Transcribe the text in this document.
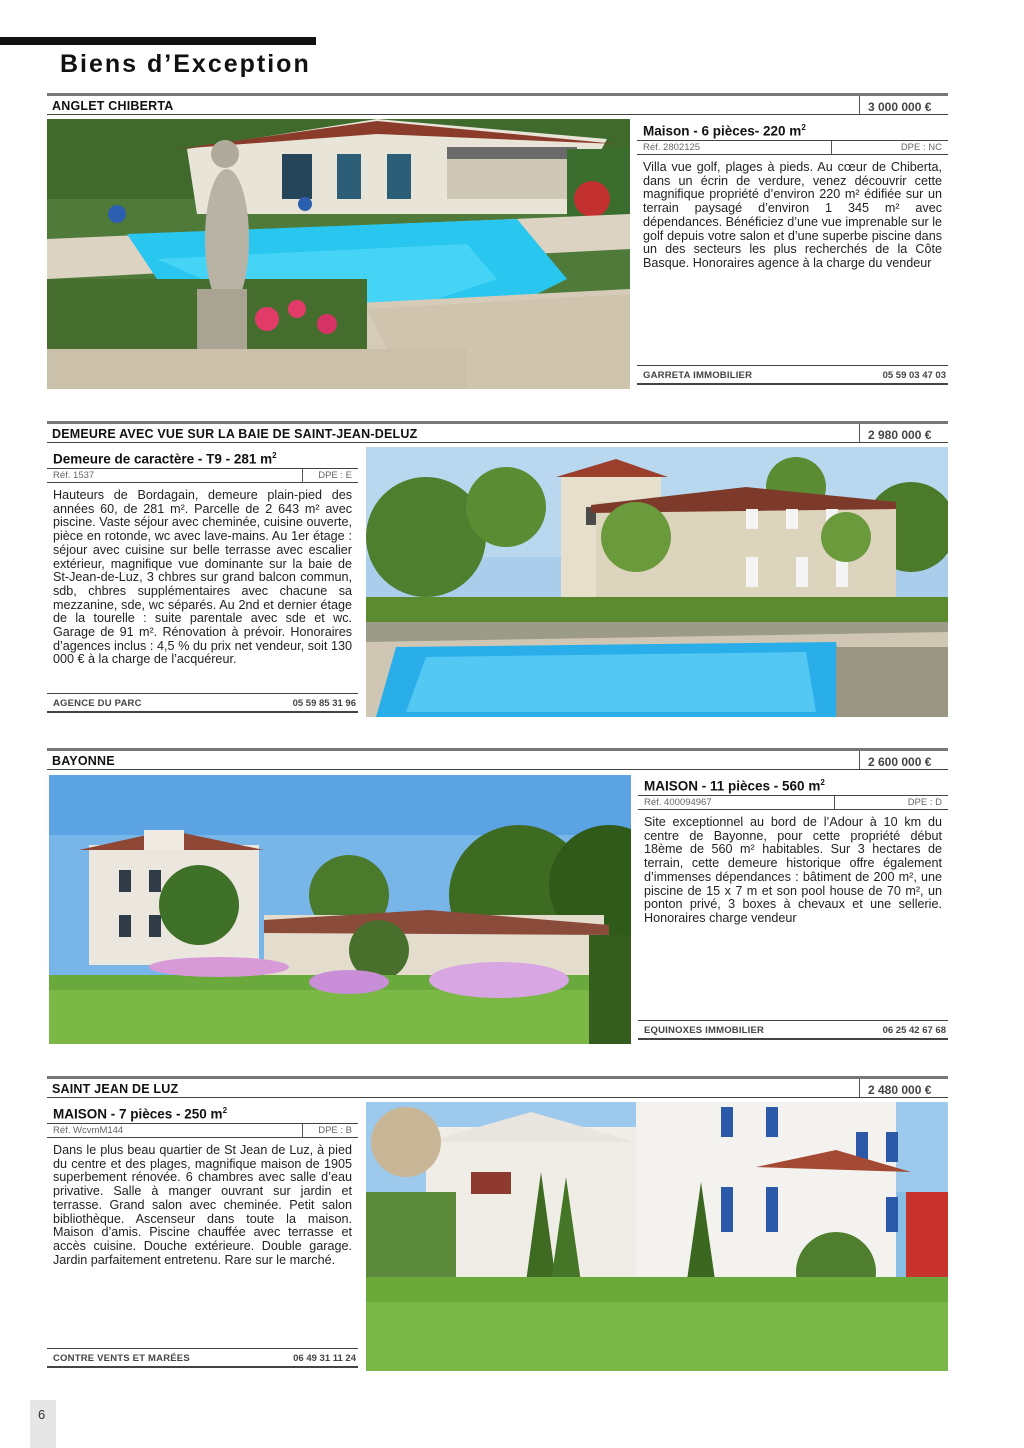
Biens d’Exception
ANGLET CHIBERTA	3 000 000 €
Maison - 6 pièces- 220 $m^2$
Réf. 2802125	DPE : NC
Villa vue golf, plages à pieds. Au cœur de Chiberta, dans un écrin de verdure, venez découvrir cette magnifique propriété d’environ 220 m² édifiée sur un terrain paysagé d’environ 1 345 m² avec dépendances. Bénéficiez d’une vue imprenable sur le golf depuis votre salon et d’une superbe piscine dans un des secteurs les plus recherchés de la Côte Basque. Honoraires agence à la charge du vendeur
GARRETA IMMOBILIER	05 59 03 47 03
DEMEURE AVEC VUE SUR LA BAIE DE SAINT-JEAN-DELUZ	2 980 000 €
Demeure de caractère - T9 - 281 $m^2$
Réf. 1537	DPE : E
Hauteurs de Bordagain, demeure plain-pied des années 60, de 281 m². Parcelle de 2 643 m² avec piscine. Vaste séjour avec cheminée, cuisine ouverte, pièce en rotonde, wc avec lave-mains. Au 1er étage : séjour avec cuisine sur belle terrasse avec escalier extérieur, magnifique vue dominante sur la baie de St-Jean-de-Luz, 3 chbres sur grand balcon commun, sdb, chbres supplémentaires avec chacune sa mezzanine, sde, wc séparés. Au 2nd et dernier étage de la tourelle : suite parentale avec sde et wc. Garage de 91 m². Rénovation à prévoir. Honoraires d’agences inclus : 4,5 % du prix net vendeur, soit 130 000 € à la charge de l’acquéreur.
AGENCE DU PARC	05 59 85 31 96
BAYONNE	2 600 000 €
MAISON - 11 pièces - 560 $m^2$
Réf. 400094967	DPE : D
Site exceptionnel au bord de l’Adour à 10 km du centre de Bayonne, pour cette propriété début 18ème de 560 m² habitables. Sur 3 hectares de terrain, cette demeure historique offre également d’immenses dépendances : bâtiment de 200 m², une piscine de 15 x 7 m et son pool house de 70 m², un ponton privé, 3 boxes à chevaux et une sellerie. Honoraires charge vendeur
EQUINOXES IMMOBILIER	06 25 42 67 68
SAINT JEAN DE LUZ	2 480 000 €
MAISON - 7 pièces - 250 $m^2$
Réf. WcvmM144	DPE : B
Dans le plus beau quartier de St Jean de Luz, à pied du centre et des plages, magnifique maison de 1905 superbement rénovée. 6 chambres avec salle d’eau privative. Salle à manger ouvrant sur jardin et terrasse. Grand salon avec cheminée. Petit salon bibliothèque. Ascenseur dans toute la maison. Maison d’amis. Piscine chauffée avec terrasse et accès cuisine. Douche extérieure. Double garage. Jardin parfaitement entretenu. Rare sur le marché.
CONTRE VENTS ET MARÉES	06 49 31 11 24
6
